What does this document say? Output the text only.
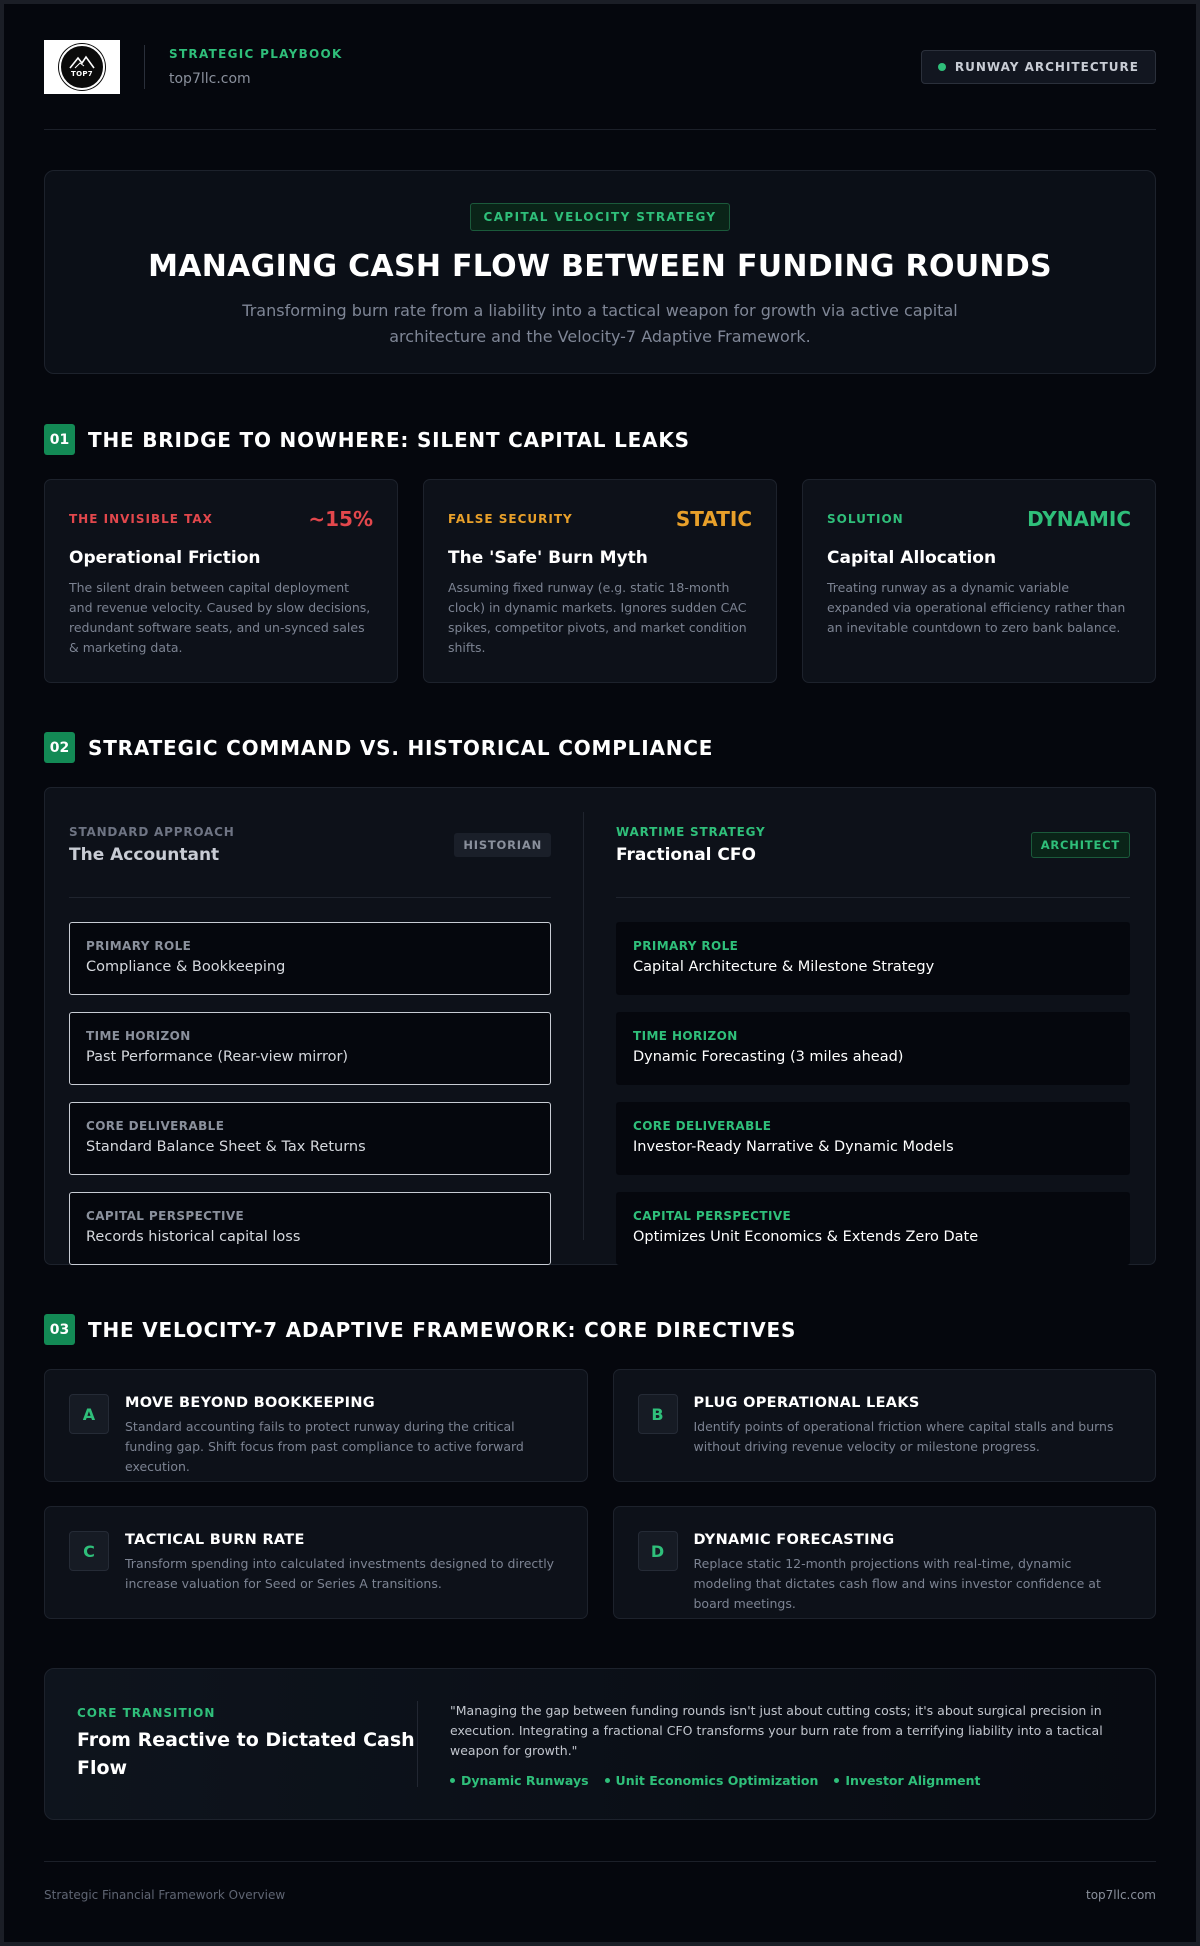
TOP7
STRATEGIC PLAYBOOK
top7llc.com
RUNWAY ARCHITECTURE
CAPITAL VELOCITY STRATEGY
MANAGING CASH FLOW BETWEEN FUNDING ROUNDS
Transforming burn rate from a liability into a tactical weapon for growth via active capital architecture and the Velocity-7 Adaptive Framework.
01 THE BRIDGE TO NOWHERE: SILENT CAPITAL LEAKS
THE INVISIBLE TAX	~15%
Operational Friction
The silent drain between capital deployment and revenue velocity. Caused by slow decisions, redundant software seats, and un-synced sales & marketing data.
FALSE SECURITY	STATIC
The 'Safe' Burn Myth
Assuming fixed runway (e.g. static 18-month clock) in dynamic markets. Ignores sudden CAC spikes, competitor pivots, and market condition shifts.
SOLUTION	DYNAMIC
Capital Allocation
Treating runway as a dynamic variable expanded via operational efficiency rather than an inevitable countdown to zero bank balance.
02 STRATEGIC COMMAND VS. HISTORICAL COMPLIANCE
STANDARD APPROACH
The Accountant	HISTORIAN
PRIMARY ROLE
Compliance & Bookkeeping
TIME HORIZON
Past Performance (Rear-view mirror)
CORE DELIVERABLE
Standard Balance Sheet & Tax Returns
CAPITAL PERSPECTIVE
Records historical capital loss
WARTIME STRATEGY
Fractional CFO	ARCHITECT
PRIMARY ROLE
Capital Architecture & Milestone Strategy
TIME HORIZON
Dynamic Forecasting (3 miles ahead)
CORE DELIVERABLE
Investor-Ready Narrative & Dynamic Models
CAPITAL PERSPECTIVE
Optimizes Unit Economics & Extends Zero Date
03 THE VELOCITY-7 ADAPTIVE FRAMEWORK: CORE DIRECTIVES
A
MOVE BEYOND BOOKKEEPING
Standard accounting fails to protect runway during the critical funding gap. Shift focus from past compliance to active forward execution.
B
PLUG OPERATIONAL LEAKS
Identify points of operational friction where capital stalls and burns without driving revenue velocity or milestone progress.
C
TACTICAL BURN RATE
Transform spending into calculated investments designed to directly increase valuation for Seed or Series A transitions.
D
DYNAMIC FORECASTING
Replace static 12-month projections with real-time, dynamic modeling that dictates cash flow and wins investor confidence at board meetings.
CORE TRANSITION
From Reactive to Dictated Cash Flow
"Managing the gap between funding rounds isn't just about cutting costs; it's about surgical precision in execution. Integrating a fractional CFO transforms your burn rate from a terrifying liability into a tactical weapon for growth."
Dynamic Runways Unit Economics Optimization Investor Alignment
Strategic Financial Framework Overview	top7llc.com
